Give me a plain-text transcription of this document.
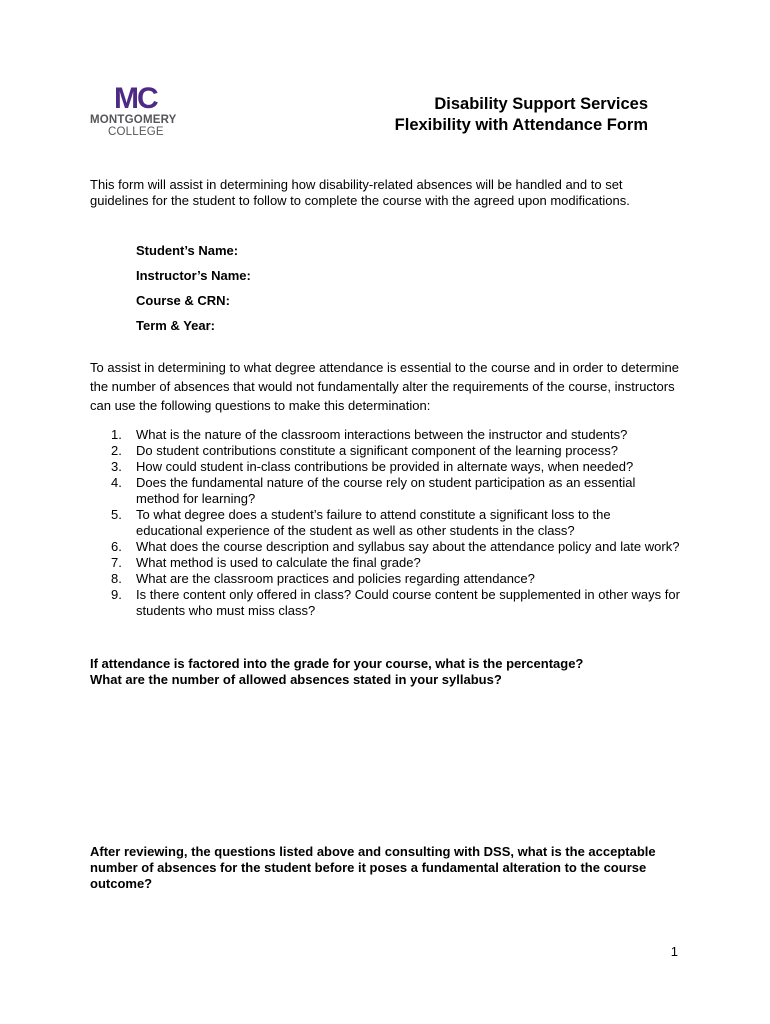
MC
MONTGOMERY
COLLEGE
Disability Support Services
Flexibility with Attendance Form
This form will assist in determining how disability-related absences will be handled and to set guidelines for the student to follow to complete the course with the agreed upon modifications.
Student’s Name:
Instructor’s Name:
Course & CRN:
Term & Year:
To assist in determining to what degree attendance is essential to the course and in order to determine the number of absences that would not fundamentally alter the requirements of the course, instructors can use the following questions to make this determination:
1. What is the nature of the classroom interactions between the instructor and students?
2. Do student contributions constitute a significant component of the learning process?
3. How could student in-class contributions be provided in alternate ways, when needed?
4. Does the fundamental nature of the course rely on student participation as an essential method for learning?
5. To what degree does a student’s failure to attend constitute a significant loss to the educational experience of the student as well as other students in the class?
6. What does the course description and syllabus say about the attendance policy and late work?
7. What method is used to calculate the final grade?
8. What are the classroom practices and policies regarding attendance?
9. Is there content only offered in class? Could course content be supplemented in other ways for students who must miss class?
If attendance is factored into the grade for your course, what is the percentage?
What are the number of allowed absences stated in your syllabus?
After reviewing, the questions listed above and consulting with DSS, what is the acceptable number of absences for the student before it poses a fundamental alteration to the course outcome?
1
